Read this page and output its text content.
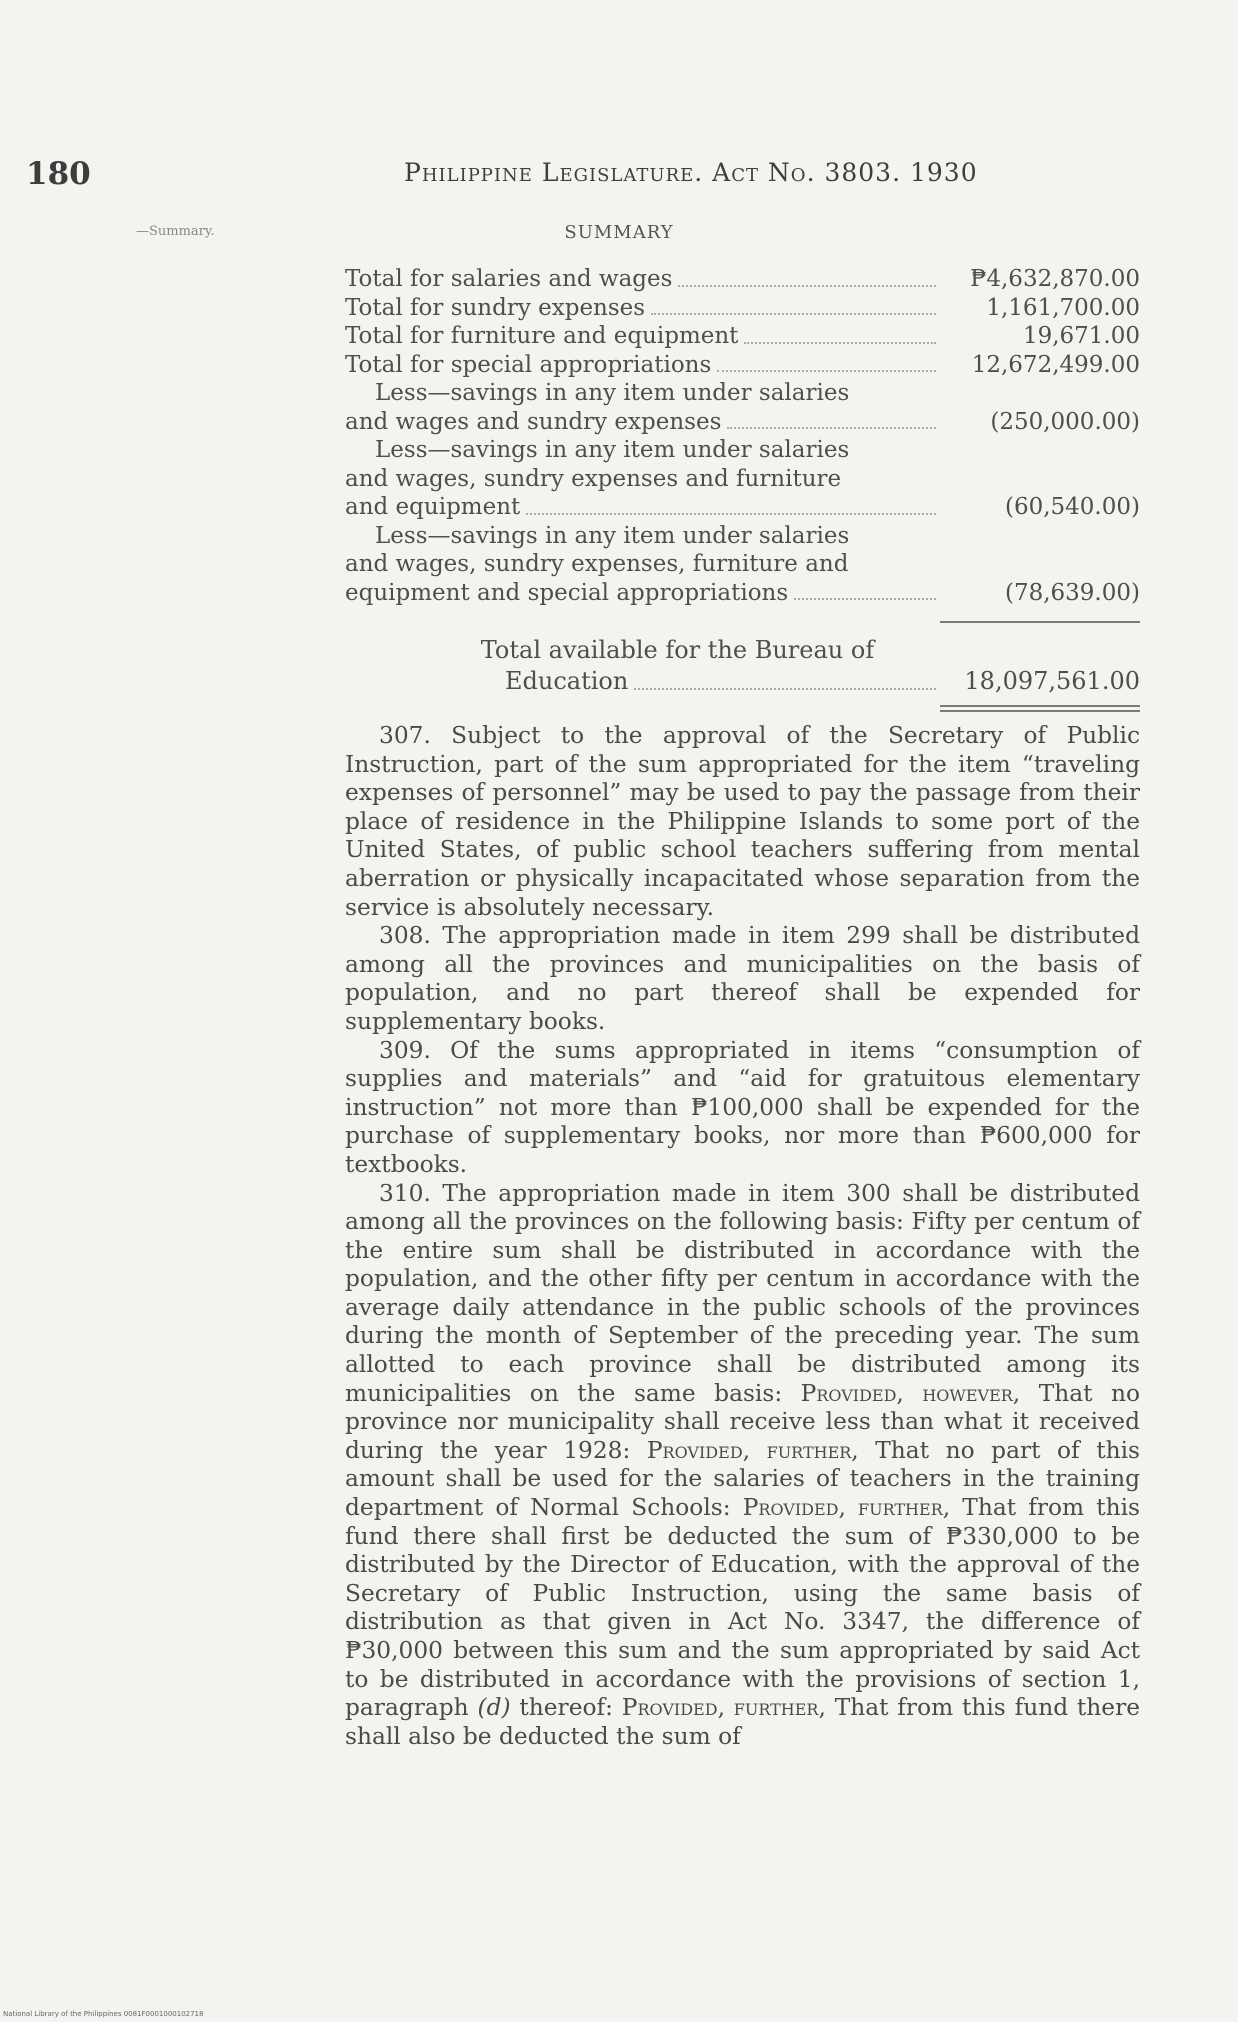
180	Philippine Legislature. Act No. 3803. 1930
—Summary.	SUMMARY
Total for salaries and wages	₱4,632,870.00
Total for sundry expenses	1,161,700.00
Total for furniture and equipment	19,671.00
Total for special appropriations	12,672,499.00
Less—savings in any item under salaries
and wages and sundry expenses	(250,000.00)
Less—savings in any item under salaries
and wages, sundry expenses and furniture
and equipment	(60,540.00)
Less—savings in any item under salaries
and wages, sundry expenses, furniture and
equipment and special appropriations	(78,639.00)
Total available for the Bureau of
Education	18,097,561.00

307. Subject to the approval of the Secretary of Public Instruction, part of the sum appropriated for the item “traveling expenses of personnel” may be used to pay the passage from their place of residence in the Philippine Islands to some port of the United States, of public school teachers suffering from mental aberration or physically incapacitated whose separation from the service is absolutely necessary.

308. The appropriation made in item 299 shall be distributed among all the provinces and municipalities on the basis of population, and no part thereof shall be expended for supplementary books.

309. Of the sums appropriated in items “consumption of supplies and materials” and “aid for gratuitous elementary instruction” not more than ₱100,000 shall be expended for the purchase of supplementary books, nor more than ₱600,000 for textbooks.

310. The appropriation made in item 300 shall be distributed among all the provinces on the following basis: Fifty per centum of the entire sum shall be distributed in accordance with the population, and the other fifty per centum in accordance with the average daily attendance in the public schools of the provinces during the month of September of the preceding year. The sum allotted to each province shall be distributed among its municipalities on the same basis: Provided, however, That no province nor municipality shall receive less than what it received during the year 1928: Provided, further, That no part of this amount shall be used for the salaries of teachers in the training department of Normal Schools: Provided, further, That from this fund there shall first be deducted the sum of ₱330,000 to be distributed by the Director of Education, with the approval of the Secretary of Public Instruction, using the same basis of distribution as that given in Act No. 3347, the difference of ₱30,000 between this sum and the sum appropriated by said Act to be distributed in accordance with the provisions of section 1, paragraph (d) thereof: Provided, further, That from this fund there shall also be deducted the sum of

National Library of the Philippines 0081F0001000102718
